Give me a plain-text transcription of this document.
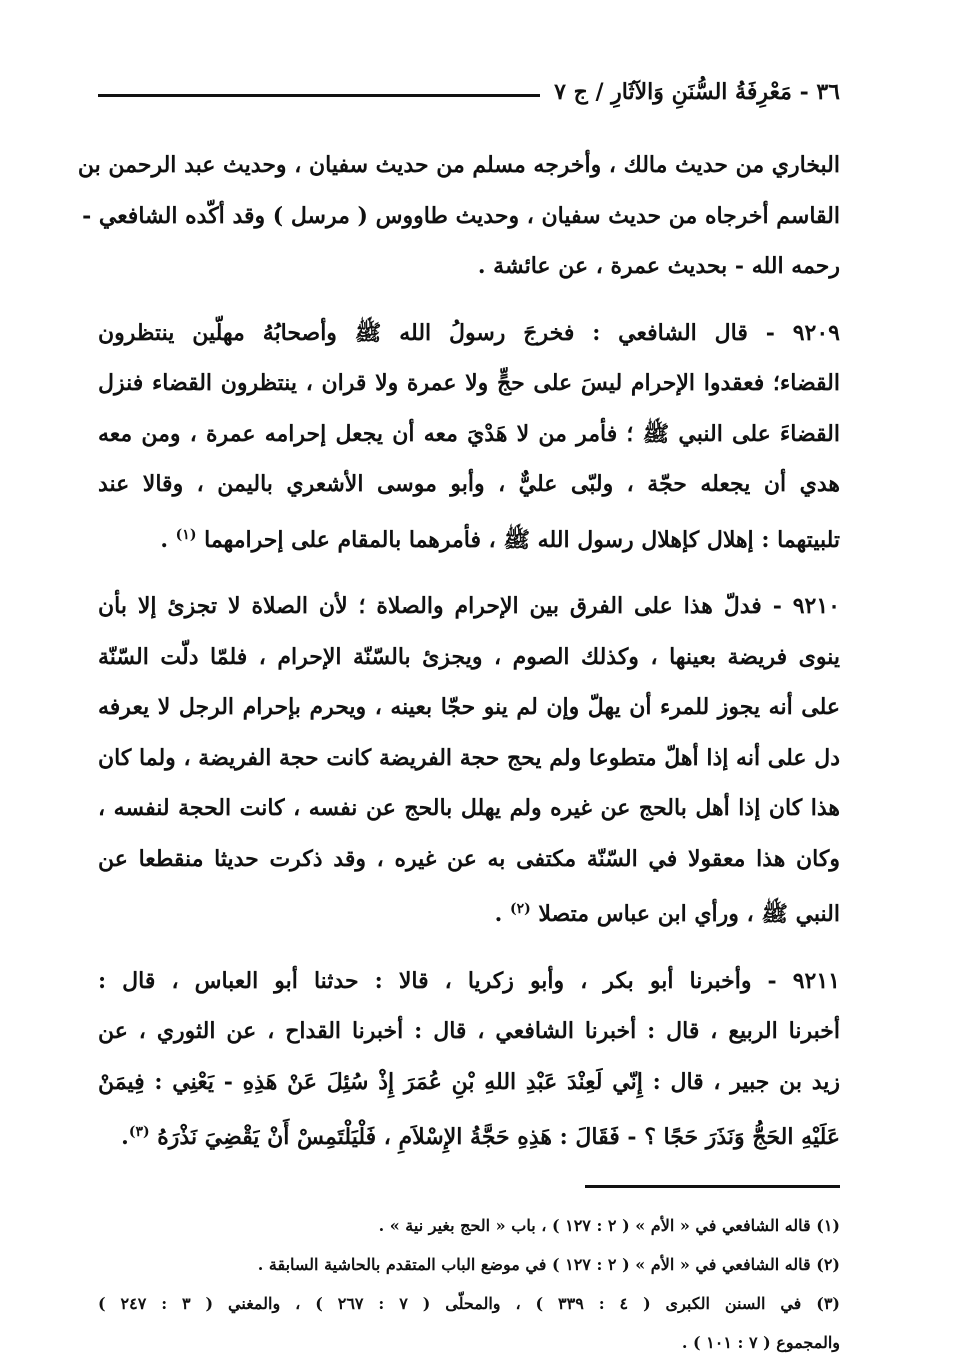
٣٦ - مَعْرِفَةُ السُّنَنِ وَالآثَارِ / ج ٧

البخاري من حديث مالك ، وأخرجه مسلم من حديث سفيان ، وحديث عبد الرحمن بن
القاسم أخرجاه من حديث سفيان ، وحديث طاووس ( مرسل ) وقد أكّده الشافعي -
رحمه الله - بحديث عمرة ، عن عائشة .

٩٢٠٩ - قال الشافعي : فخرجَ رسولُ الله ﷺ وأصحابُهُ مهلّين ينتظرون
القضاء؛ فعقدوا الإحرام ليسَ على حجٍّ ولا عمرة ولا قران ، ينتظرون القضاء فنزل
القضاءَ على النبي ﷺ ؛ فأمر من لا هَدْيَ معه أن يجعل إحرامه عمرة ، ومن معه
هدي أن يجعله حجّة ، ولبّى عليٌّ ، وأبو موسى الأشعري باليمن ، وقالا عند
تلبيتهما : إهلال كإهلال رسول الله ﷺ ، فأمرهما بالمقام على إحرامهما $^{(١)}$ .

٩٢١٠ - فدلّ هذا على الفرق بين الإحرام والصلاة ؛ لأن الصلاة لا تجزئ إلا بأن
ينوى فريضة بعينها ، وكذلك الصوم ، ويجزئ بالسّنّة الإحرام ، فلمّا دلّت السّنّة
على أنه يجوز للمرء أن يهلّ وإن لم ينو حجّا بعينه ، ويحرم بإحرام الرجل لا يعرفه
دل على أنه إذا أهلّ متطوعا ولم يحج حجة الفريضة كانت حجة الفريضة ، ولما كان
هذا كان إذا أهل بالحج عن غيره ولم يهلل بالحج عن نفسه ، كانت الحجة لنفسه ،
وكان هذا معقولا في السّنّة مكتفى به عن غيره ، وقد ذكرت حديثا منقطعا عن
النبي ﷺ ، ورأي ابن عباس متصلا $^{(٢)}$ .

٩٢١١ - وأخبرنا أبو بكر ، وأبو زكريا ، قالا : حدثنا أبو العباس ، قال :
أخبرنا الربيع ، قال : أخبرنا الشافعي ، قال : أخبرنا القداح ، عن الثوري ، عن
زيد بن جبير ، قال : إِنّي لَعِنْدَ عَبْدِ اللهِ بْنِ عُمَرَ إِذْ سُئِلَ عَنْ هَذِهِ - يَعْنِي : فِيمَنْ
عَلَيْهِ الحَجُّ وَنَذَرَ حَجًا ؟ - فَقَالَ : هَذِهِ حَجَّةُ الإِسْلاَمِ ، فَلْيَلْتَمِسْ أَنْ يَقْضِيَ نَذْرَهُ $^{(٣)}$.

(١) قاله الشافعي في « الأم » ( ٢ : ١٢٧ ) ، باب « الحج بغير نية » .
(٢) قاله الشافعي في « الأم » ( ٢ : ١٢٧ ) في موضع الباب المتقدم بالحاشية السابقة .
(٣) في السنن الكبرى ( ٤ : ٣٣٩ ) ، والمحلّى ( ٧ : ٢٦٧ ) ، والمغني ( ٣ : ٢٤٧ )
والمجموع ( ٧ : ١٠١ ) .
